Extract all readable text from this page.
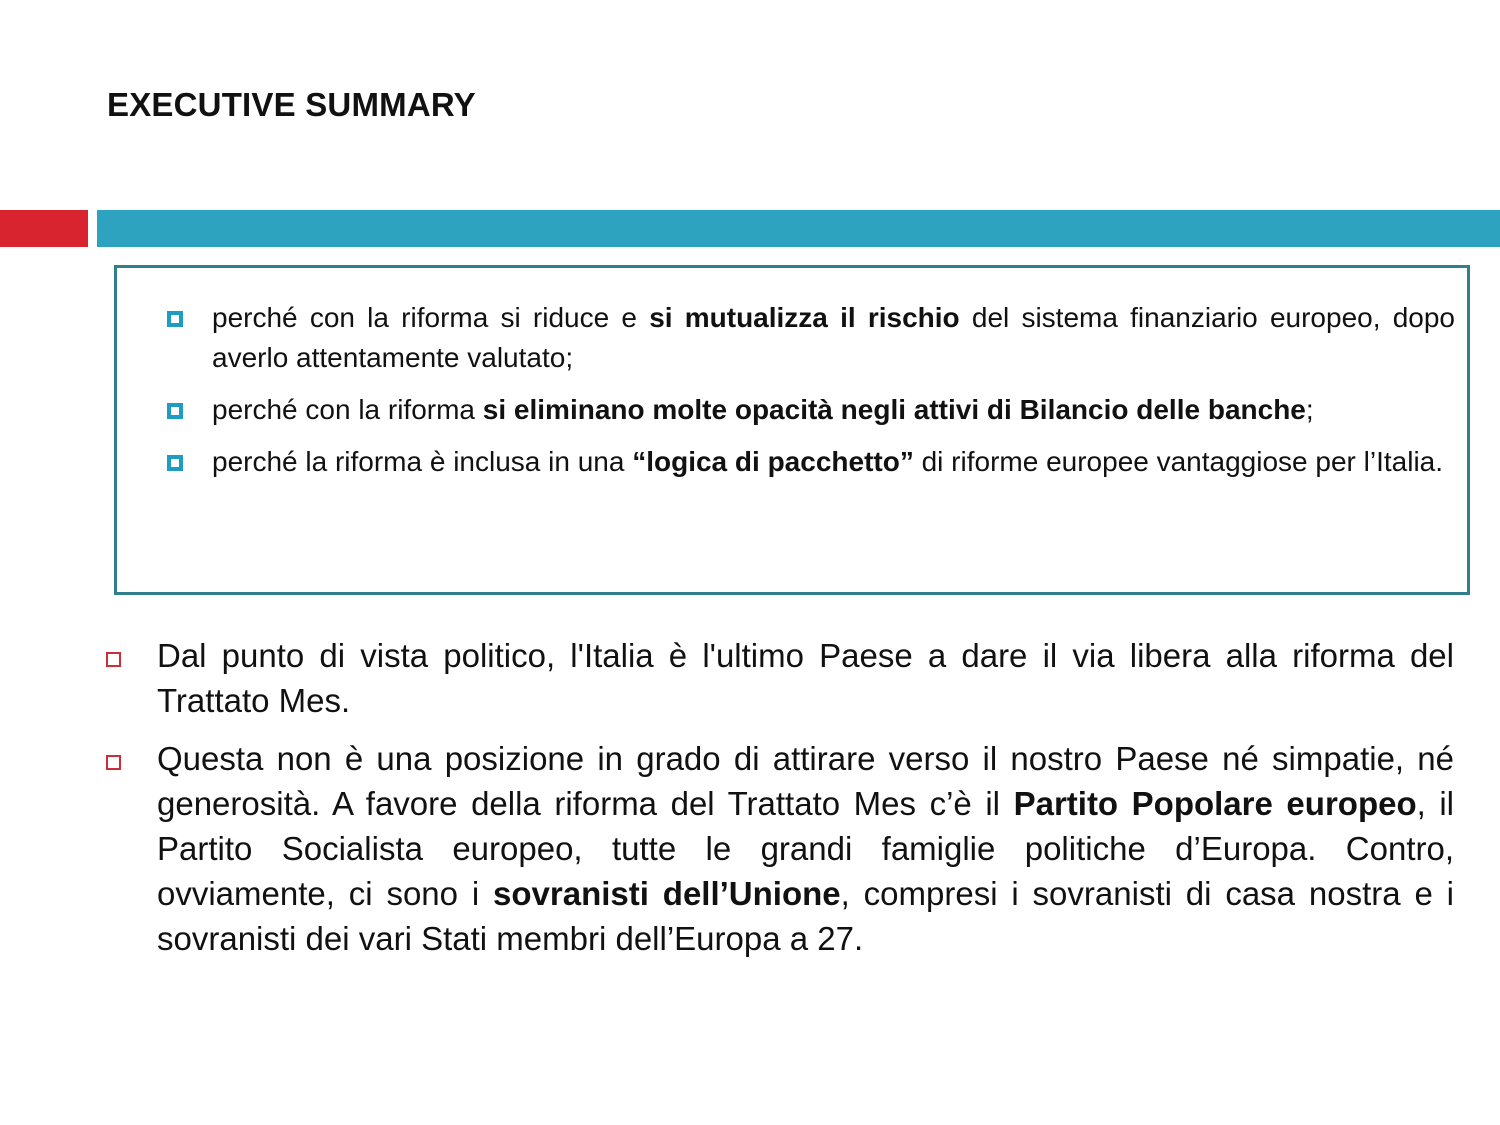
EXECUTIVE SUMMARY
perché con la riforma si riduce e si mutualizza il rischio del sistema finanziario europeo, dopo averlo attentamente valutato;
perché con la riforma si eliminano molte opacità negli attivi di Bilancio delle banche;
perché la riforma è inclusa in una “logica di pacchetto” di riforme europee vantaggiose per l’Italia.
Dal punto di vista politico, l'Italia è l'ultimo Paese a dare il via libera alla riforma del Trattato Mes.
Questa non è una posizione in grado di attirare verso il nostro Paese né simpatie, né generosità. A favore della riforma del Trattato Mes c’è il Partito Popolare europeo, il Partito Socialista europeo, tutte le grandi famiglie politiche d’Europa. Contro, ovviamente, ci sono i sovranisti dell’Unione, compresi i sovranisti di casa nostra e i sovranisti dei vari Stati membri dell’Europa a 27.
